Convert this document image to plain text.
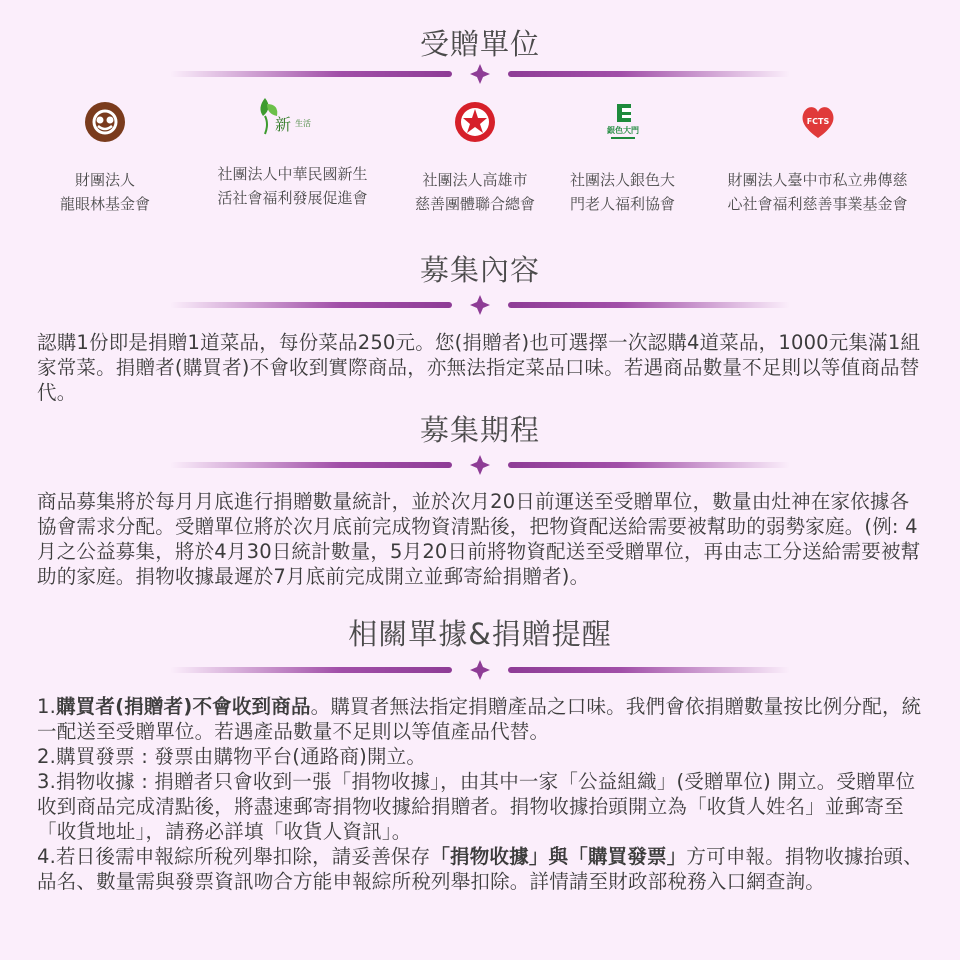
受贈單位
財團法人
龍眼林基金會
新 生活
社團法人中華民國新生
活社會福利發展促進會
社團法人高雄市
慈善團體聯合總會
銀色大門
社團法人銀色大
門老人福利協會
FCTS
財團法人臺中市私立弗傳慈
心社會福利慈善事業基金會
募集內容

認購1份即是捐贈1道菜品，每份菜品250元。您(捐贈者)也可選擇一次認購4道菜品，1000元集滿1組家常菜。捐贈者(購買者)不會收到實際商品，亦無法指定菜品口味。若遇商品數量不足則以等值商品替代。

募集期程

商品募集將於每月月底進行捐贈數量統計，並於次月20日前運送至受贈單位，數量由灶神在家依據各協會需求分配。受贈單位將於次月底前完成物資清點後，把物資配送給需要被幫助的弱勢家庭。(例: 4月之公益募集，將於4月30日統計數量，5月20日前將物資配送至受贈單位，再由志工分送給需要被幫助的家庭。捐物收據最遲於7月底前完成開立並郵寄給捐贈者)。

相關單據&捐贈提醒
1.購買者(捐贈者)不會收到商品。購買者無法指定捐贈產品之口味。我們會依捐贈數量按比例分配，統一配送至受贈單位。若遇產品數量不足則以等值產品代替。
2.購買發票 : 發票由購物平台(通路商)開立。
3.捐物收據 : 捐贈者只會收到一張「捐物收據」，由其中一家「公益組織」(受贈單位) 開立。受贈單位收到商品完成清點後，將盡速郵寄捐物收據給捐贈者。捐物收據抬頭開立為「收貨人姓名」並郵寄至「收貨地址」，請務必詳填「收貨人資訊」。
4.若日後需申報綜所稅列舉扣除，請妥善保存「捐物收據」與「購買發票」方可申報。捐物收據抬頭、品名、數量需與發票資訊吻合方能申報綜所稅列舉扣除。詳情請至財政部稅務入口網查詢。
